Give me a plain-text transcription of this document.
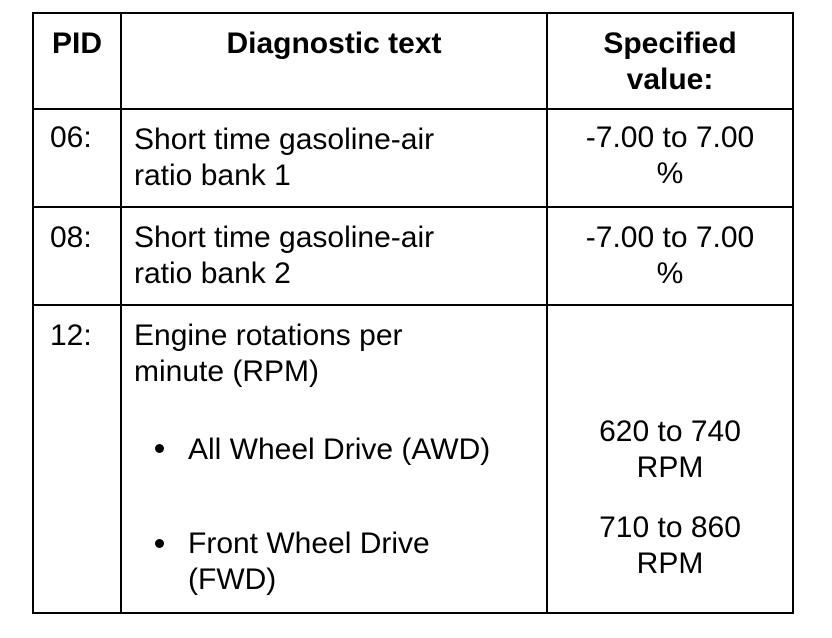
PID	Diagnostic text	Specified
value:
06: Short time gasoline-air
ratio bank 1
-7.00 to 7.00
%
08: Short time gasoline-air
ratio bank 2
-7.00 to 7.00
%
12: Engine rotations per
minute (RPM)
All Wheel Drive (AWD)
620 to 740
RPM
Front Wheel Drive
(FWD)
710 to 860
RPM
